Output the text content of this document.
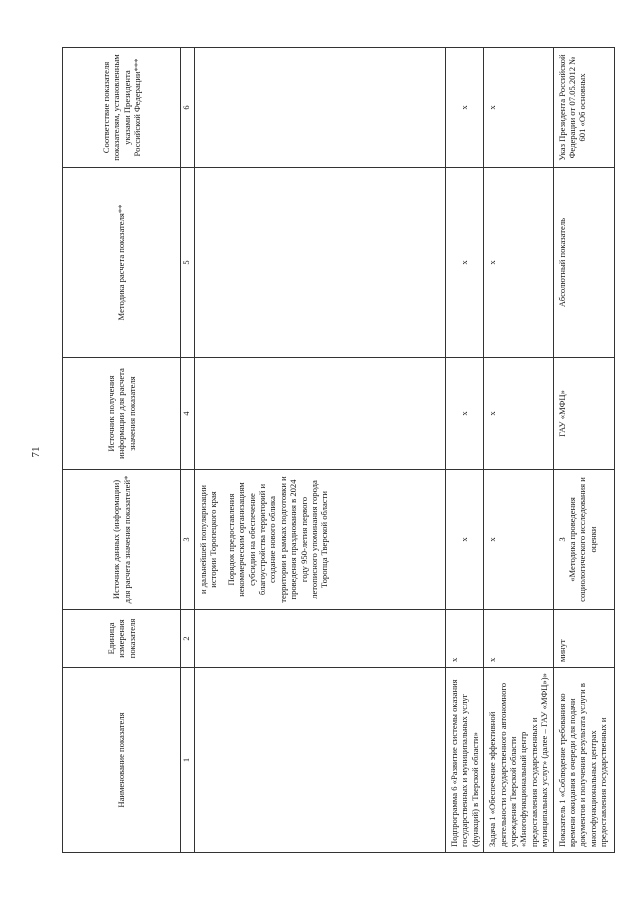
71
Наименование показателя	Единица измерения показателя	Источник данных (информации) для расчета значения показателей*	Источник получения информации для расчета значения показателя	Методика расчета показателя**	Соответствие показателя показателям, установленным указами Президента Российской Федерации***
1	2	3	4	5	6

		и дальнейшей популяризации истории Торопецкого края Порядок предоставления некоммерческим организациям субсидии на обеспечение благоустройства территорий и создание нового облика территории в рамках подготовки и проведения празднования в 2024 году 950-летия первого летописного упоминания города Торопца Тверской области			

Подпрограмма 6 «Развитие системы оказания государственных и муниципальных услуг (функций) в Тверской области»	х	х	х	х	х
Задача 1 «Обеспечение эффективной деятельности государственного автономного учреждения Тверской области «Многофункциональный центр предоставления государственных и муниципальных услуг» (далее – ГАУ «МФЦ»)»	х	х	х	х	х
Показатель 1 «Соблюдение требования ко времени ожидания в очереди для подачи документов и получения результата услуги в многофункциональных центрах предоставления государственных и	минут	3 «Методика проведения социологического исследования и оценки	ГАУ «МФЦ»	Абсолютный показатель	Указ Президента Российской Федерации от 07.05.2012 № 601 «Об основных
